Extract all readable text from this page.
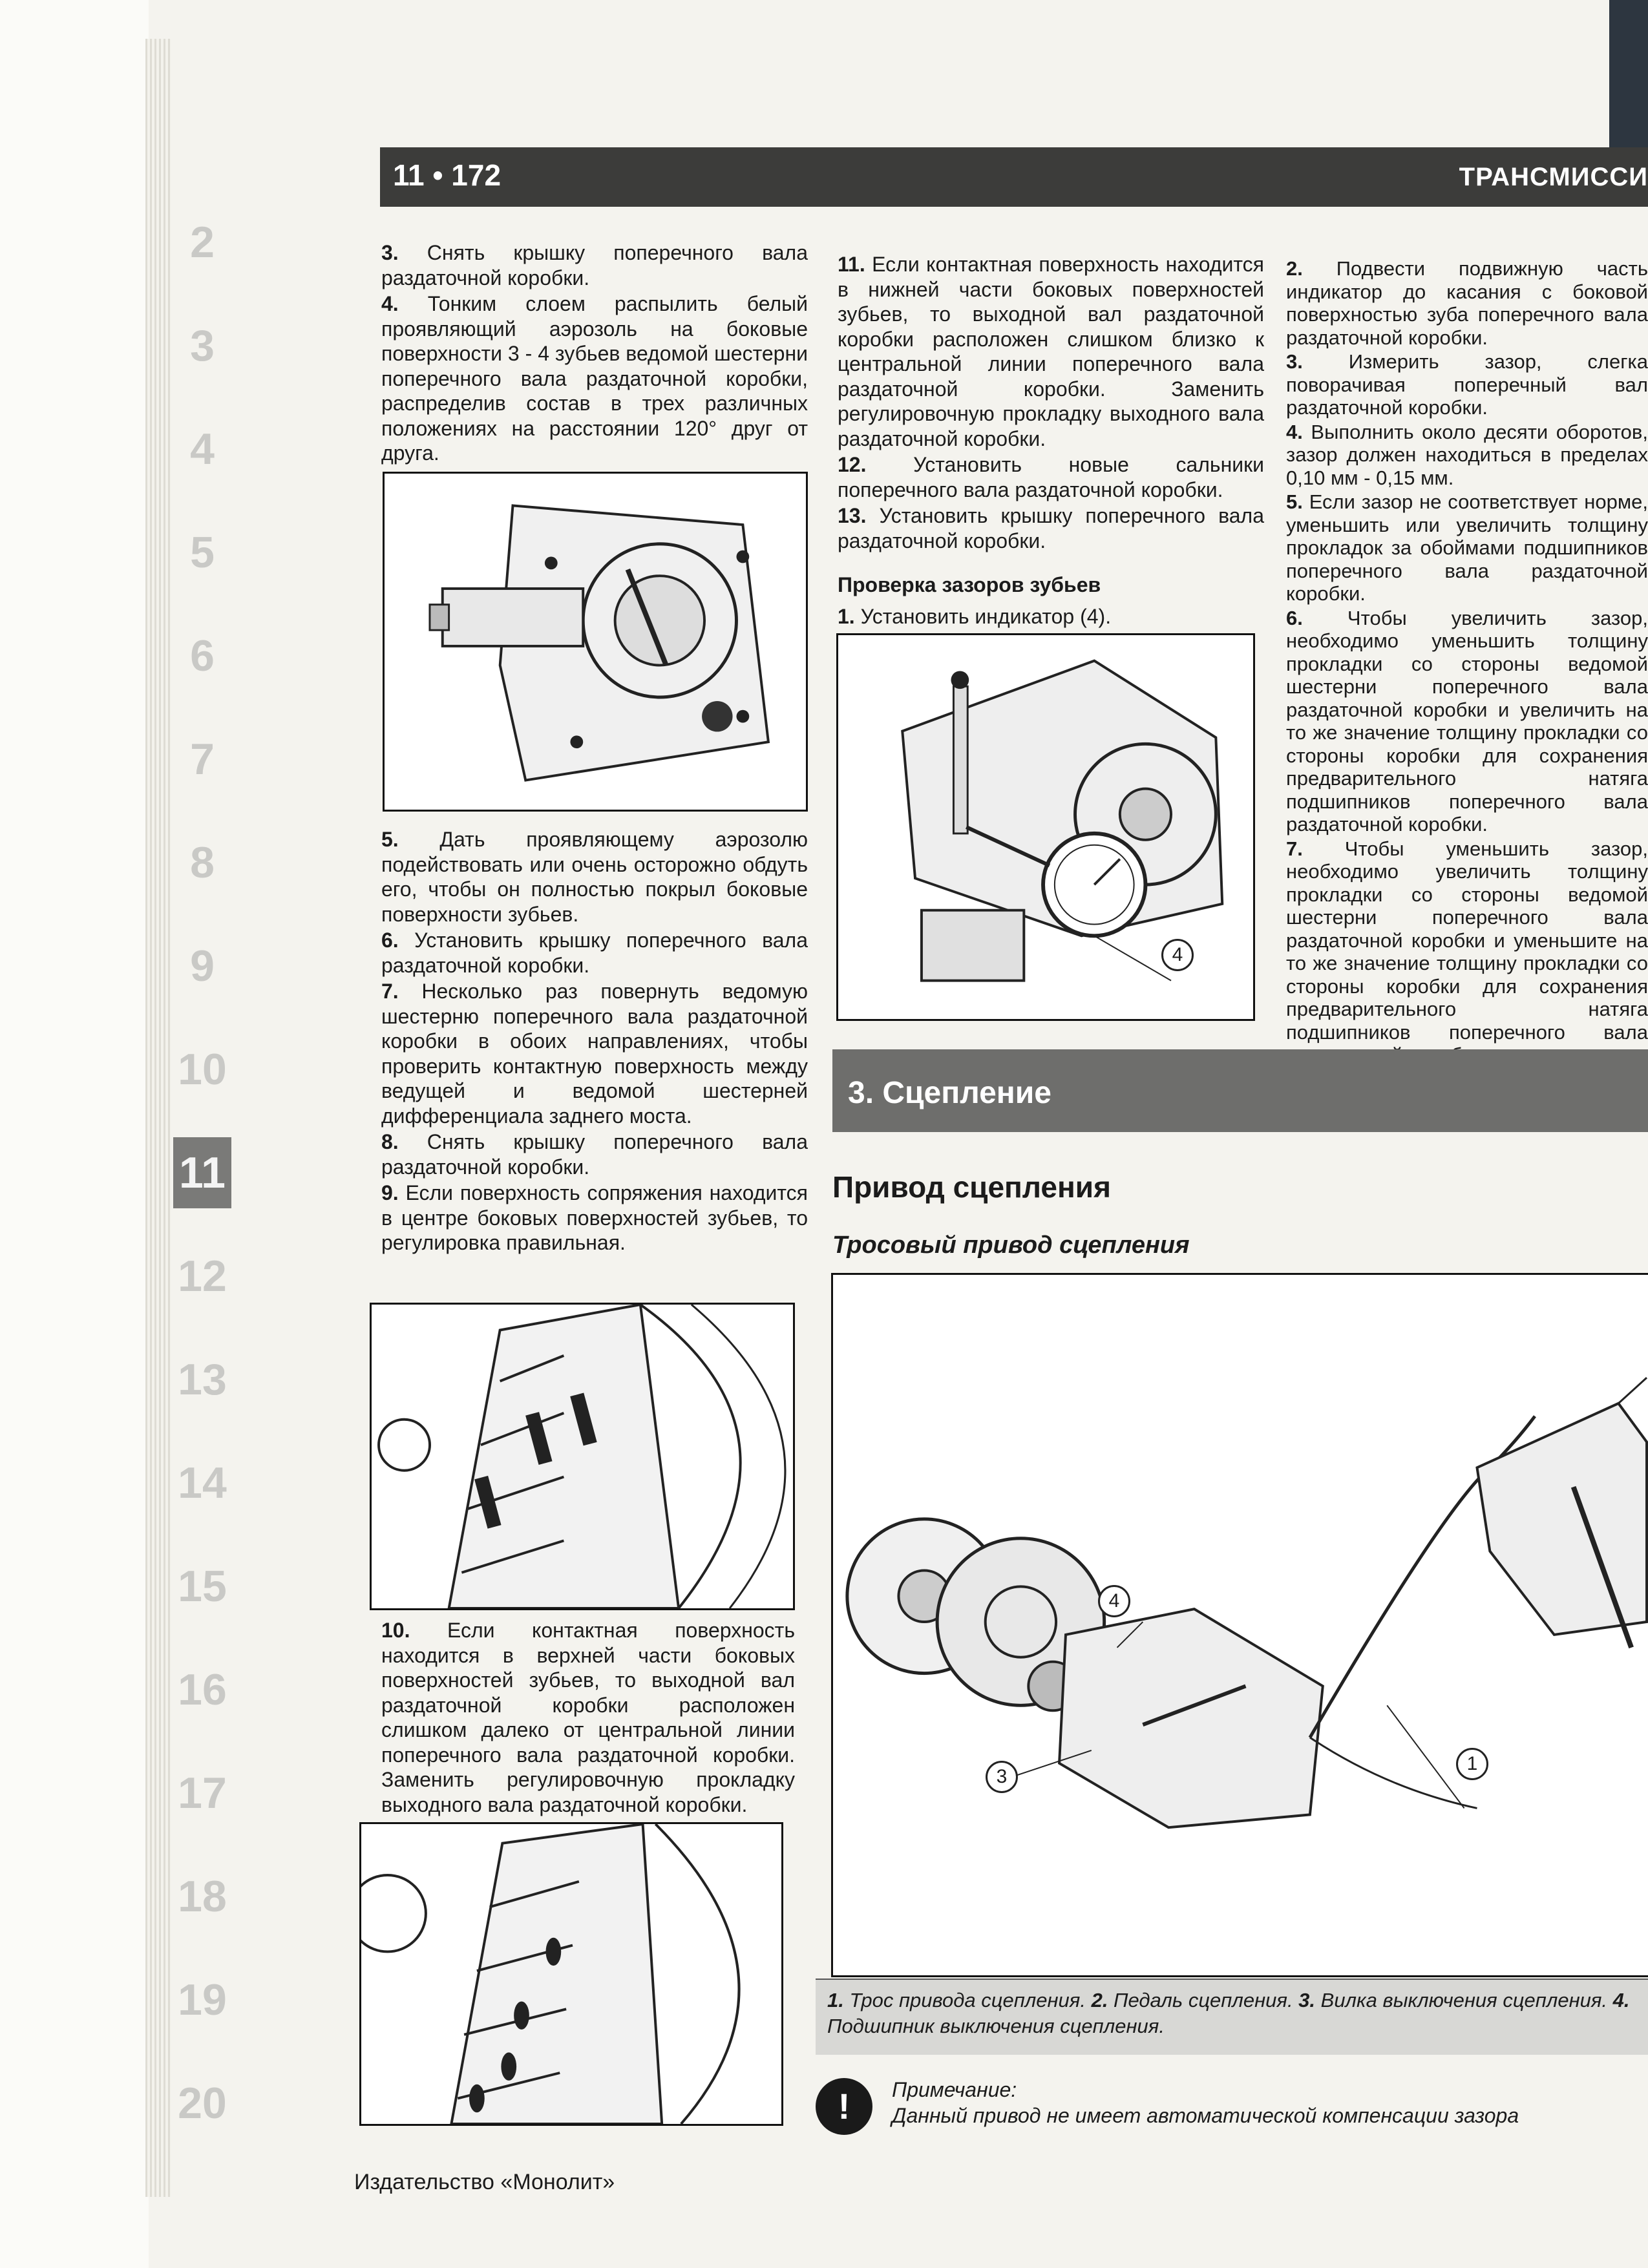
2
3
4
5
6
7
8
9
10
11
12
13
14
15
16
17
18
19
20
11 • 172	ТРАНСМИССИ

3. Снять крышку поперечного вала раздаточной коробки.

4. Тонким слоем распылить белый проявляющий аэрозоль на боковые поверхности 3 - 4 зубьев ведомой шестерни поперечного вала раздаточной коробки, распределив состав в трех различных положениях на расстоянии 120° друг от друга.

5. Дать проявляющему аэрозолю подействовать или очень осторожно обдуть его, чтобы он полностью покрыл боковые поверхности зубьев.

6. Установить крышку поперечного вала раздаточной коробки.

7. Несколько раз повернуть ведомую шестерню поперечного вала раздаточной коробки в обоих направлениях, чтобы проверить контактную поверхность между ведущей и ведомой шестерней дифференциала заднего моста.

8. Снять крышку поперечного вала раздаточной коробки.

9. Если поверхность сопряжения находится в центре боковых поверхностей зубьев, то регулировка правильная.

10. Если контактная поверхность находится в верхней части боковых поверхностей зубьев, то выходной вал раздаточной коробки расположен слишком далеко от центральной линии поперечного вала раздаточной коробки. Заменить регулировочную прокладку выходного вала раздаточной коробки.

11. Если контактная поверхность находится в нижней части боковых поверхностей зубьев, то выходной вал раздаточной коробки расположен слишком близко к центральной линии поперечного вала раздаточной коробки. Заменить регулировочную прокладку выходного вала раздаточной коробки.

12. Установить новые сальники поперечного вала раздаточной коробки.

13. Установить крышку поперечного вала раздаточной коробки.

Проверка зазоров зубьев

1. Установить индикатор (4).

4

2. Подвести подвижную часть индикатор до касания с боковой поверхностью зуба поперечного вала раздаточной коробки.

3. Измерить зазор, слегка поворачивая поперечный вал раздаточной коробки.

4. Выполнить около десяти оборотов, зазор должен находиться в пределах 0,10 мм - 0,15 мм.

5. Если зазор не соответствует норме, уменьшить или увеличить толщину прокладок за обоймами подшипников поперечного вала раздаточной коробки.

6. Чтобы увеличить зазор, необходимо уменьшить толщину прокладки со стороны ведомой шестерни поперечного вала раздаточной коробки и увеличить на то же значение толщину прокладки со стороны коробки для сохранения предварительного натяга подшипников поперечного вала раздаточной коробки.

7. Чтобы уменьшить зазор, необходимо увеличить толщину прокладки со стороны ведомой шестерни поперечного вала раздаточной коробки и уменьшите на то же значение толщину прокладки со стороны коробки для сохранения предварительного натяга подшипников поперечного вала

3. Сцепление
Привод сцепления
Тросовый привод сцепления
4
3
1
1. Трос привода сцепления. 2. Педаль сцепления. 3. Вилка выключения сцепления. 4. Подшипник выключения сцепления.
!	Примечание:
Данный привод не имеет автоматической компенсации зазора
Издательство «Монолит»
